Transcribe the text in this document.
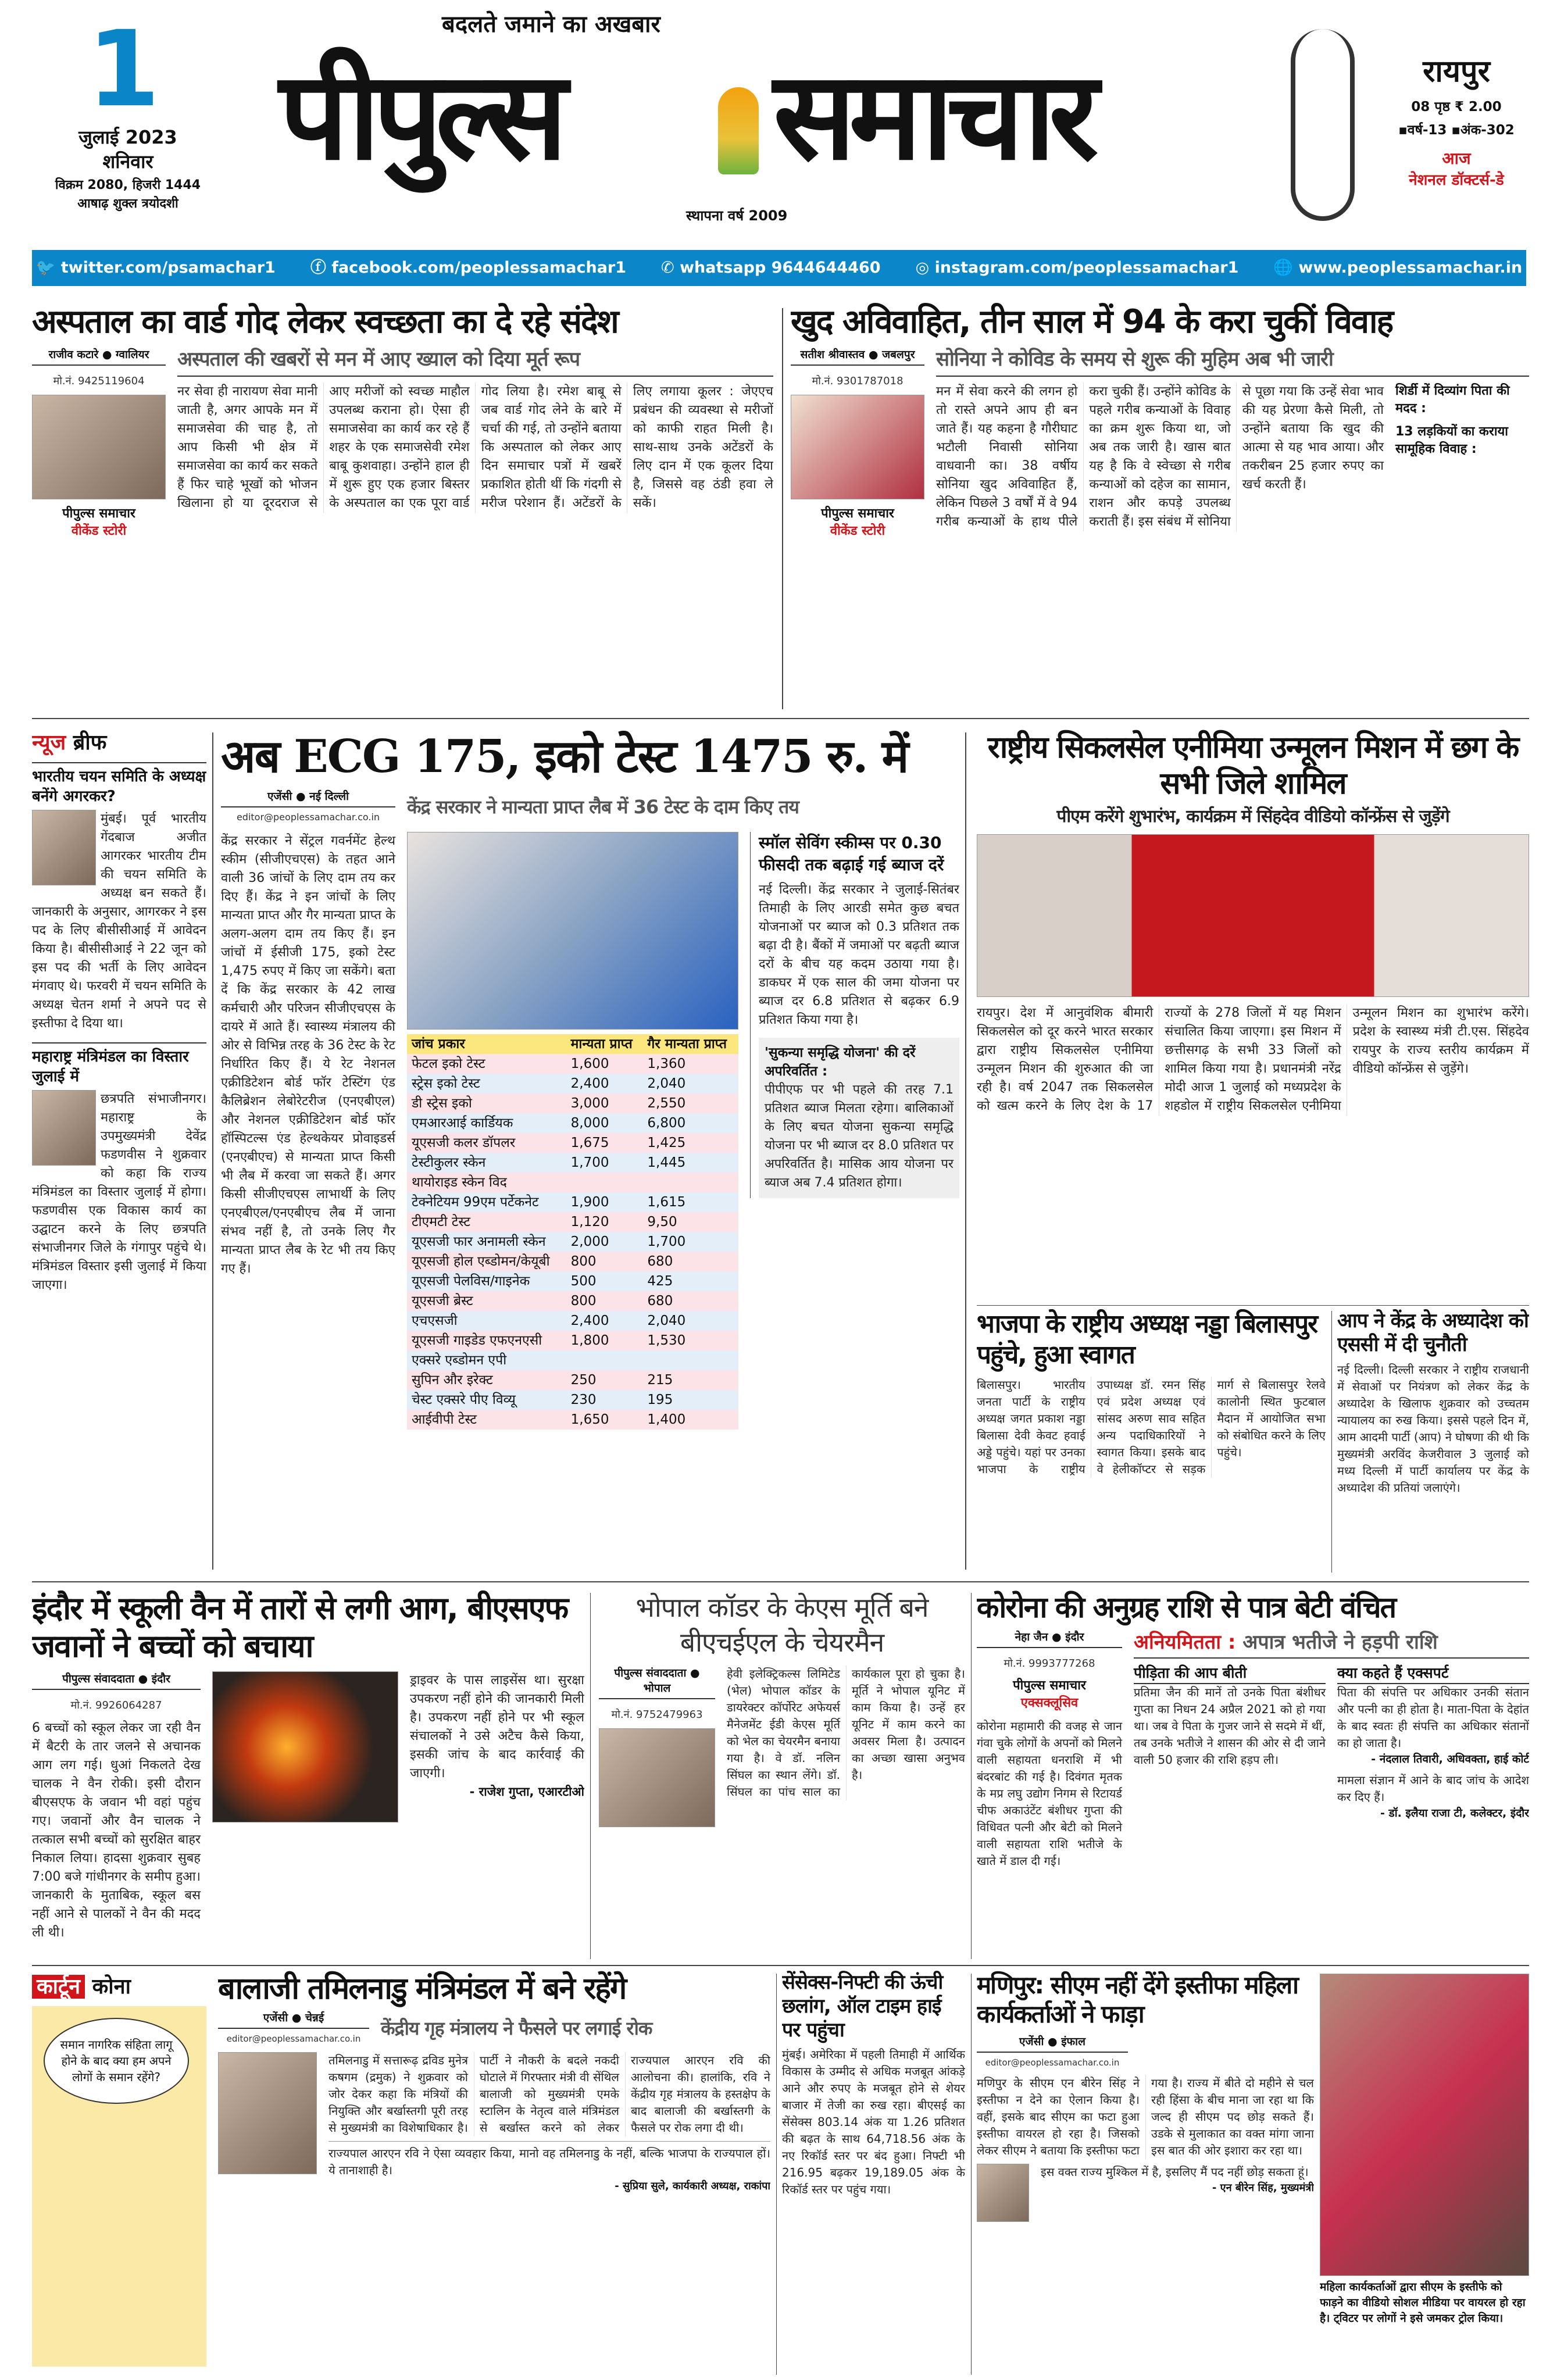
1
जुलाई 2023
शनिवार
विक्रम 2080, हिजरी 1444
आषाढ़ शुक्ल त्रयोदशी
बदलते जमाने का अखबार
पीपुल्स समाचार
स्थापना वर्ष 2009
रायपुर
08 पृष्ठ ₹ 2.00
▪वर्ष-13 ▪अंक-302
आज
नेशनल डॉक्टर्स-डे
🐦 twitter.com/psamachar1 ⓕ facebook.com/peoplessamachar1 ✆ whatsapp 9644644460 ◎ instagram.com/peoplessamachar1 🌐 www.peoplessamachar.in
अस्पताल का वार्ड गोद लेकर स्वच्छता का दे रहे संदेश
राजीव कटारे ● ग्वालियर
मो.नं. 9425119604
पीपुल्स समाचार
वीकेंड स्टोरी
अस्पताल की खबरों से मन में आए ख्याल को दिया मूर्त रूप
नर सेवा ही नारायण सेवा मानी जाती है, अगर आपके मन में समाजसेवा की चाह है, तो आप किसी भी क्षेत्र में समाजसेवा का कार्य कर सकते हैं फिर चाहे भूखों को भोजन खिलाना हो या दूरदराज से आए मरीजों को स्वच्छ माहौल उपलब्ध कराना हो। ऐसा ही समाजसेवा का कार्य कर रहे हैं शहर के एक समाजसेवी रमेश बाबू कुशवाहा। उन्होंने हाल ही में शुरू हुए एक हजार बिस्तर के अस्पताल का एक पूरा वार्ड गोद लिया है। रमेश बाबू से जब वार्ड गोद लेने के बारे में चर्चा की गई, तो उन्होंने बताया कि अस्पताल को लेकर आए दिन समाचार पत्रों में खबरें प्रकाशित होती थीं कि गंदगी से मरीज परेशान हैं। अटेंडरों के लिए लगाया कूलर : जेएएच प्रबंधन की व्यवस्था से मरीजों को काफी राहत मिली है। साथ-साथ उनके अटेंडरों के लिए दान में एक कूलर दिया है, जिससे वह ठंडी हवा ले सकें।
खुद अविवाहित, तीन साल में 94 के करा चुकीं विवाह
सतीश श्रीवास्तव ● जबलपुर
मो.नं. 9301787018
पीपुल्स समाचार
वीकेंड स्टोरी
सोनिया ने कोविड के समय से शुरू की मुहिम अब भी जारी
मन में सेवा करने की लगन हो तो रास्ते अपने आप ही बन जाते हैं। यह कहना है गौरीघाट भटौली निवासी सोनिया वाधवानी का। 38 वर्षीय सोनिया खुद अविवाहित हैं, लेकिन पिछले 3 वर्षों में वे 94 गरीब कन्याओं के हाथ पीले करा चुकी हैं। उन्होंने कोविड के पहले गरीब कन्याओं के विवाह का क्रम शुरू किया था, जो अब तक जारी है। खास बात यह है कि वे स्वेच्छा से गरीब कन्याओं को दहेज का सामान, राशन और कपड़े उपलब्ध कराती हैं। इस संबंध में सोनिया से पूछा गया कि उन्हें सेवा भाव की यह प्रेरणा कैसे मिली, तो उन्होंने बताया कि खुद की आत्मा से यह भाव आया। और तकरीबन 25 हजार रुपए का खर्च करती हैं।
शिर्डी में दिव्यांग पिता की मदद :
13 लड़कियों का कराया सामूहिक विवाह :
न्यूज ब्रीफ
भारतीय चयन समिति के अध्यक्ष बनेंगे अगरकर?
मुंबई। पूर्व भारतीय गेंदबाज अजीत आगरकर भारतीय टीम की चयन समिति के अध्यक्ष बन सकते हैं। जानकारी के अनुसार, आगरकर ने इस पद के लिए बीसीसीआई में आवेदन किया है। बीसीसीआई ने 22 जून को इस पद की भर्ती के लिए आवेदन मंगवाए थे। फरवरी में चयन समिति के अध्यक्ष चेतन शर्मा ने अपने पद से इस्तीफा दे दिया था।
महाराष्ट्र मंत्रिमंडल का विस्तार जुलाई में
छत्रपति संभाजीनगर। महाराष्ट्र के उपमुख्यमंत्री देवेंद्र फडणवीस ने शुक्रवार को कहा कि राज्य मंत्रिमंडल का विस्तार जुलाई में होगा। फडणवीस एक विकास कार्य का उद्घाटन करने के लिए छत्रपति संभाजीनगर जिले के गंगापुर पहुंचे थे। मंत्रिमंडल विस्तार इसी जुलाई में किया जाएगा।
अब ECG 175, इको टेस्ट 1475 रु. में
एजेंसी ● नई दिल्ली
editor@peoplessamachar.co.in	केंद्र सरकार ने मान्यता प्राप्त लैब में 36 टेस्ट के दाम किए तय
केंद्र सरकार ने सेंट्रल गवर्नमेंट हेल्थ स्कीम (सीजीएचएस) के तहत आने वाली 36 जांचों के लिए दाम तय कर दिए हैं। केंद्र ने इन जांचों के लिए मान्यता प्राप्त और गैर मान्यता प्राप्त के अलग-अलग दाम तय किए हैं। इन जांचों में ईसीजी 175, इको टेस्ट 1,475 रुपए में किए जा सकेंगे। बता दें कि केंद्र सरकार के 42 लाख कर्मचारी और परिजन सीजीएचएस के दायरे में आते हैं। स्वास्थ्य मंत्रालय की ओर से विभिन्न तरह के 36 टेस्ट के रेट निर्धारित किए हैं। ये रेट नेशनल एक्रीडिटेशन बोर्ड फॉर टेस्टिंग एंड कैलिब्रेशन लेबोरेटरीज (एनएबीएल) और नेशनल एक्रीडिटेशन बोर्ड फॉर हॉस्पिटल्स एंड हेल्थकेयर प्रोवाइडर्स (एनएबीएच) से मान्यता प्राप्त किसी भी लैब में करवा जा सकते हैं। अगर किसी सीजीएचएस लाभार्थी के लिए एनएबीएल/एनएबीएच लैब में जाना संभव नहीं है, तो उनके लिए गैर मान्यता प्राप्त लैब के रेट भी तय किए गए हैं।
जांच प्रकार	मान्यता प्राप्त	गैर मान्यता प्राप्त
फेटल इको टेस्ट	1,600	1,360
स्ट्रेस इको टेस्ट	2,400	2,040
डी स्ट्रेस इको	3,000	2,550
एमआरआई कार्डियक	8,000	6,800
यूएसजी कलर डॉपलर	1,675	1,425
टेस्टीकुलर स्केन	1,700	1,445
थायोराइड स्केन विद		
टेक्नेटियम 99एम पर्टेकनेट	1,900	1,615
टीएमटी टेस्ट	1,120	9,50
यूएसजी फार अनामली स्केन	2,000	1,700
यूएसजी होल एब्डोमन/केयूबी	800	680
यूएसजी पेलविस/गाइनेक	500	425
यूएसजी ब्रेस्ट	800	680
एचएसजी	2,400	2,040
यूएसजी गाइडेड एफएनएसी	1,800	1,530
एक्सरे एब्डोमन एपी		
सुपिन और इरेक्ट	250	215
चेस्ट एक्सरे पीए विव्यू	230	195
आईवीपी टेस्ट	1,650	1,400
स्मॉल सेविंग स्कीम्स पर 0.30 फीसदी तक बढ़ाई गई ब्याज दरें
नई दिल्ली। केंद्र सरकार ने जुलाई-सितंबर तिमाही के लिए आरडी समेत कुछ बचत योजनाओं पर ब्याज को 0.3 प्रतिशत तक बढ़ा दी है। बैंकों में जमाओं पर बढ़ती ब्याज दरों के बीच यह कदम उठाया गया है। डाकघर में एक साल की जमा योजना पर ब्याज दर 6.8 प्रतिशत से बढ़कर 6.9 प्रतिशत किया गया है।
'सुकन्या समृद्धि योजना' की दरें अपरिवर्तित :
पीपीएफ पर भी पहले की तरह 7.1 प्रतिशत ब्याज मिलता रहेगा। बालिकाओं के लिए बचत योजना सुकन्या समृद्धि योजना पर भी ब्याज दर 8.0 प्रतिशत पर अपरिवर्तित है। मासिक आय योजना पर ब्याज अब 7.4 प्रतिशत होगा।
राष्ट्रीय सिकलसेल एनीमिया उन्मूलन मिशन में छग के सभी जिले शामिल
पीएम करेंगे शुभारंभ, कार्यक्रम में सिंहदेव वीडियो कॉन्फ्रेंस से जुड़ेंगे
रायपुर। देश में आनुवंशिक बीमारी सिकलसेल को दूर करने भारत सरकार द्वारा राष्ट्रीय सिकलसेल एनीमिया उन्मूलन मिशन की शुरुआत की जा रही है। वर्ष 2047 तक सिकलसेल को खत्म करने के लिए देश के 17 राज्यों के 278 जिलों में यह मिशन संचालित किया जाएगा। इस मिशन में छत्तीसगढ़ के सभी 33 जिलों को शामिल किया गया है। प्रधानमंत्री नरेंद्र मोदी आज 1 जुलाई को मध्यप्रदेश के शहडोल में राष्ट्रीय सिकलसेल एनीमिया उन्मूलन मिशन का शुभारंभ करेंगे। प्रदेश के स्वास्थ्य मंत्री टी.एस. सिंहदेव रायपुर के राज्य स्तरीय कार्यक्रम में वीडियो कॉन्फ्रेंस से जुड़ेंगे।
भाजपा के राष्ट्रीय अध्यक्ष नड्डा बिलासपुर पहुंचे, हुआ स्वागत
बिलासपुर। भारतीय जनता पार्टी के राष्ट्रीय अध्यक्ष जगत प्रकाश नड्डा बिलासा देवी केवट हवाई अड्डे पहुंचे। यहां पर उनका भाजपा के राष्ट्रीय उपाध्यक्ष डॉ. रमन सिंह एवं प्रदेश अध्यक्ष एवं सांसद अरुण साव सहित अन्य पदाधिकारियों ने स्वागत किया। इसके बाद वे हेलीकॉप्टर से सड़क मार्ग से बिलासपुर रेलवे कालोनी स्थित फुटबाल मैदान में आयोजित सभा को संबोधित करने के लिए पहुंचे।
आप ने केंद्र के अध्यादेश को एससी में दी चुनौती
नई दिल्ली। दिल्ली सरकार ने राष्ट्रीय राजधानी में सेवाओं पर नियंत्रण को लेकर केंद्र के अध्यादेश के खिलाफ शुक्रवार को उच्चतम न्यायालय का रुख किया। इससे पहले दिन में, आम आदमी पार्टी (आप) ने घोषणा की थी कि मुख्यमंत्री अरविंद केजरीवाल 3 जुलाई को मध्य दिल्ली में पार्टी कार्यालय पर केंद्र के अध्यादेश की प्रतियां जलाएंगे।
इंदौर में स्कूली वैन में तारों से लगी आग, बीएसएफ जवानों ने बच्चों को बचाया
पीपुल्स संवाददाता ● इंदौर
मो.नं. 9926064287
6 बच्चों को स्कूल लेकर जा रही वैन में बैटरी के तार जलने से अचानक आग लग गई। धुआं निकलते देख चालक ने वैन रोकी। इसी दौरान बीएसएफ के जवान भी वहां पहुंच गए। जवानों और वैन चालक ने तत्काल सभी बच्चों को सुरक्षित बाहर निकाल लिया। हादसा शुक्रवार सुबह 7:00 बजे गांधीनगर के समीप हुआ। जानकारी के मुताबिक, स्कूल बस नहीं आने से पालकों ने वैन की मदद ली थी।
ड्राइवर के पास लाइसेंस था। सुरक्षा उपकरण नहीं होने की जानकारी मिली है। उपकरण नहीं होने पर भी स्कूल संचालकों ने उसे अटैच कैसे किया, इसकी जांच के बाद कार्रवाई की जाएगी।
- राजेश गुप्ता, एआरटीओ
भोपाल कॉडर के केएस मूर्ति बने बीएचईएल के चेयरमैन
पीपुल्स संवाददाता ● भोपाल
मो.नं. 9752479963
हेवी इलेक्ट्रिकल्स लिमिटेड (भेल) भोपाल कॉडर के डायरेक्टर कॉर्पोरेट अफेयर्स मैनेजमेंट ईडी केएस मूर्ति को भेल का चेयरमैन बनाया गया है। वे डॉ. नलिन सिंघल का स्थान लेंगे। डॉ. सिंघल का पांच साल का कार्यकाल पूरा हो चुका है। मूर्ति ने भोपाल यूनिट में काम किया है। उन्हें हर यूनिट में काम करने का अवसर मिला है। उत्पादन का अच्छा खासा अनुभव है।
कोरोना की अनुग्रह राशि से पात्र बेटी वंचित
नेहा जैन ● इंदौर
मो.नं. 9993777268
पीपुल्स समाचार
एक्सक्लूसिव
कोरोना महामारी की वजह से जान गंवा चुके लोगों के अपनों को मिलने वाली सहायता धनराशि में भी बंदरबांट की गई है। दिवंगत मृतक के मप्र लघु उद्योग निगम से रिटायर्ड चीफ अकाउंटेंट बंशीधर गुप्ता की विधिवत पत्नी और बेटी को मिलने वाली सहायता राशि भतीजे के खाते में डाल दी गई।
अनियमितता : अपात्र भतीजे ने हड़पी राशि
पीड़िता की आप बीती
प्रतिमा जैन की मानें तो उनके पिता बंशीधर गुप्ता का निधन 24 अप्रैल 2021 को हो गया था। जब वे पिता के गुजर जाने से सदमे में थीं, तब उनके भतीजे ने शासन की ओर से दी जाने वाली 50 हजार की राशि हड़प ली।
क्या कहते हैं एक्सपर्ट
पिता की संपत्ति पर अधिकार उनकी संतान और पत्नी का ही होता है। माता-पिता के देहांत के बाद स्वतः ही संपत्ति का अधिकार संतानों का हो जाता है।
- नंदलाल तिवारी, अधिवक्ता, हाई कोर्ट
मामला संज्ञान में आने के बाद जांच के आदेश कर दिए हैं।
- डॉ. इलैया राजा टी, कलेक्टर, इंदौर
कार्टून कोना
समान नागरिक संहिता लागू होने के बाद क्या हम अपने लोगों के समान रहेंगे?
बालाजी तमिलनाडु मंत्रिमंडल में बने रहेंगे
एजेंसी ● चेन्नई
editor@peoplessamachar.co.in	केंद्रीय गृह मंत्रालय ने फैसले पर लगाई रोक
तमिलनाडु में सत्तारूढ़ द्रविड मुनेत्र कषगम (द्रमुक) ने शुक्रवार को जोर देकर कहा कि मंत्रियों की नियुक्ति और बर्खास्तगी पूरी तरह से मुख्यमंत्री का विशेषाधिकार है। पार्टी ने नौकरी के बदले नकदी घोटाले में गिरफ्तार मंत्री वी सेंथिल बालाजी को मुख्यमंत्री एमके स्टालिन के नेतृत्व वाले मंत्रिमंडल से बर्खास्त करने को लेकर राज्यपाल आरएन रवि की आलोचना की। हालांकि, रवि ने केंद्रीय गृह मंत्रालय के हस्तक्षेप के बाद बालाजी की बर्खास्तगी के फैसले पर रोक लगा दी थी।
राज्यपाल आरएन रवि ने ऐसा व्यवहार किया, मानो वह तमिलनाडु के नहीं, बल्कि भाजपा के राज्यपाल हों। ये तानाशाही है।
- सुप्रिया सुले, कार्यकारी अध्यक्ष, राकांपा
सेंसेक्स-निफ्टी की ऊंची छलांग, ऑल टाइम हाई पर पहुंचा
मुंबई। अमेरिका में पहली तिमाही में आर्थिक विकास के उम्मीद से अधिक मजबूत आंकड़े आने और रुपए के मजबूत होने से शेयर बाजार में तेजी का रुख रहा। बीएसई का सेंसेक्स 803.14 अंक या 1.26 प्रतिशत की बढ़त के साथ 64,718.56 अंक के नए रिकॉर्ड स्तर पर बंद हुआ। निफ्टी भी 216.95 बढ़कर 19,189.05 अंक के रिकॉर्ड स्तर पर पहुंच गया।
मणिपुर: सीएम नहीं देंगे इस्तीफा महिला कार्यकर्ताओं ने फाड़ा
एजेंसी ● इंफाल
editor@peoplessamachar.co.in
मणिपुर के सीएम एन बीरेन सिंह ने इस्तीफा न देने का ऐलान किया है। वहीं, इसके बाद सीएम का फटा हुआ इस्तीफा वायरल हो रहा है। जिसको लेकर सीएम ने बताया कि इस्तीफा फटा गया है। राज्य में बीते दो महीने से चल रही हिंसा के बीच माना जा रहा था कि जल्द ही सीएम पद छोड़ सकते हैं। उडके से मुलाकात का वक्त मांगा जाना इस बात की ओर इशारा कर रहा था।
इस वक्त राज्य मुश्किल में है, इसलिए मैं पद नहीं छोड़ सकता हूं।
- एन बीरेन सिंह, मुख्यमंत्री
महिला कार्यकर्ताओं द्वारा सीएम के इस्तीफे को फाड़ने का वीडियो सोशल मीडिया पर वायरल हो रहा है। ट्विटर पर लोगों ने इसे जमकर ट्रोल किया।
